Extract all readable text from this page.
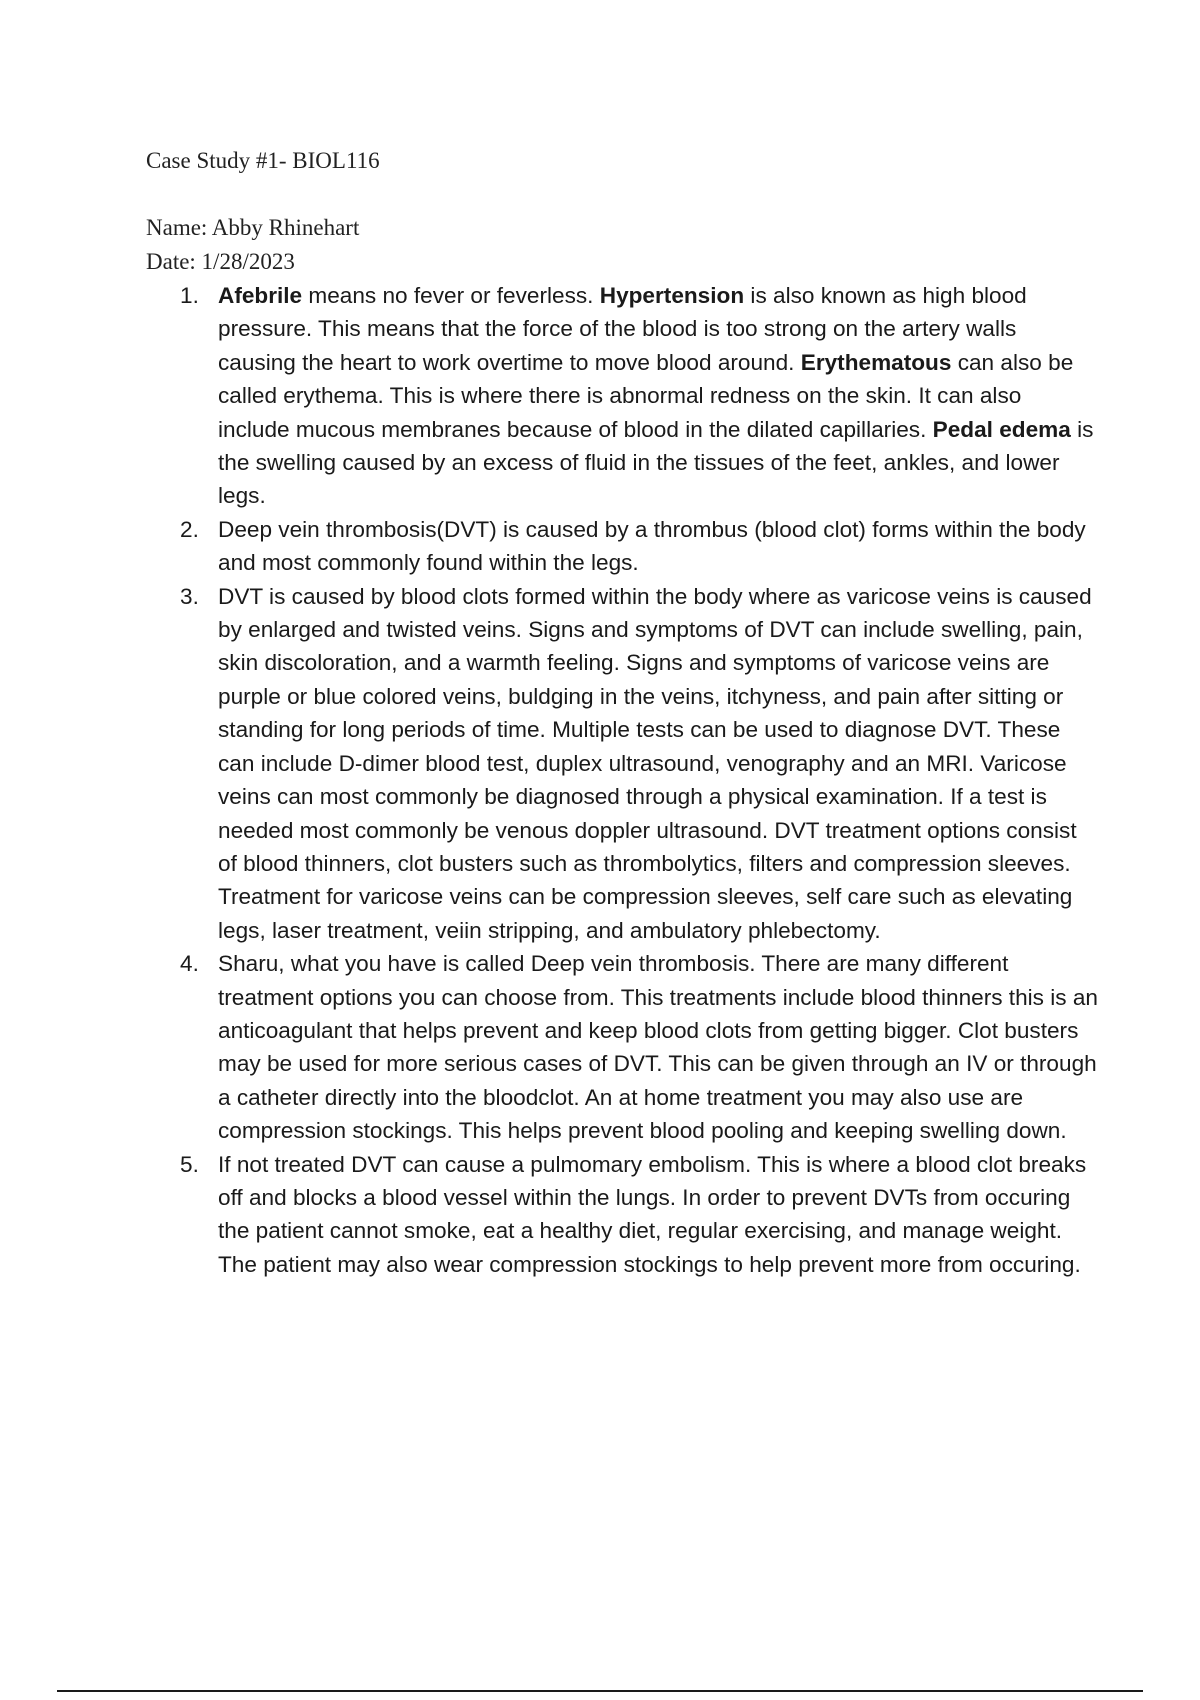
Case Study #1- BIOL116
Name: Abby Rhinehart
Date: 1/28/2023
1. Afebrile means no fever or feverless. Hypertension is also known as high blood pressure. This means that the force of the blood is too strong on the artery walls causing the heart to work overtime to move blood around. Erythematous can also be called erythema. This is where there is abnormal redness on the skin. It can also include mucous membranes because of blood in the dilated capillaries. Pedal edema is the swelling caused by an excess of fluid in the tissues of the feet, ankles, and lower legs.
2. Deep vein thrombosis(DVT) is caused by a thrombus (blood clot) forms within the body and most commonly found within the legs.
3. DVT is caused by blood clots formed within the body where as varicose veins is caused by enlarged and twisted veins. Signs and symptoms of DVT can include swelling, pain, skin discoloration, and a warmth feeling. Signs and symptoms of varicose veins are purple or blue colored veins, buldging in the veins, itchyness, and pain after sitting or standing for long periods of time. Multiple tests can be used to diagnose DVT. These can include D-dimer blood test, duplex ultrasound, venography and an MRI. Varicose veins can most commonly be diagnosed through a physical examination. If a test is needed most commonly be venous doppler ultrasound. DVT treatment options consist of blood thinners, clot busters such as thrombolytics, filters and compression sleeves. Treatment for varicose veins can be compression sleeves, self care such as elevating legs, laser treatment, veiin stripping, and ambulatory phlebectomy.
4. Sharu, what you have is called Deep vein thrombosis. There are many different treatment options you can choose from. This treatments include blood thinners this is an anticoagulant that helps prevent and keep blood clots from getting bigger. Clot busters may be used for more serious cases of DVT. This can be given through an IV or through a catheter directly into the bloodclot. An at home treatment you may also use are compression stockings. This helps prevent blood pooling and keeping swelling down.
5. If not treated DVT can cause a pulmomary embolism. This is where a blood clot breaks off and blocks a blood vessel within the lungs. In order to prevent DVTs from occuring the patient cannot smoke, eat a healthy diet, regular exercising, and manage weight. The patient may also wear compression stockings to help prevent more from occuring.
